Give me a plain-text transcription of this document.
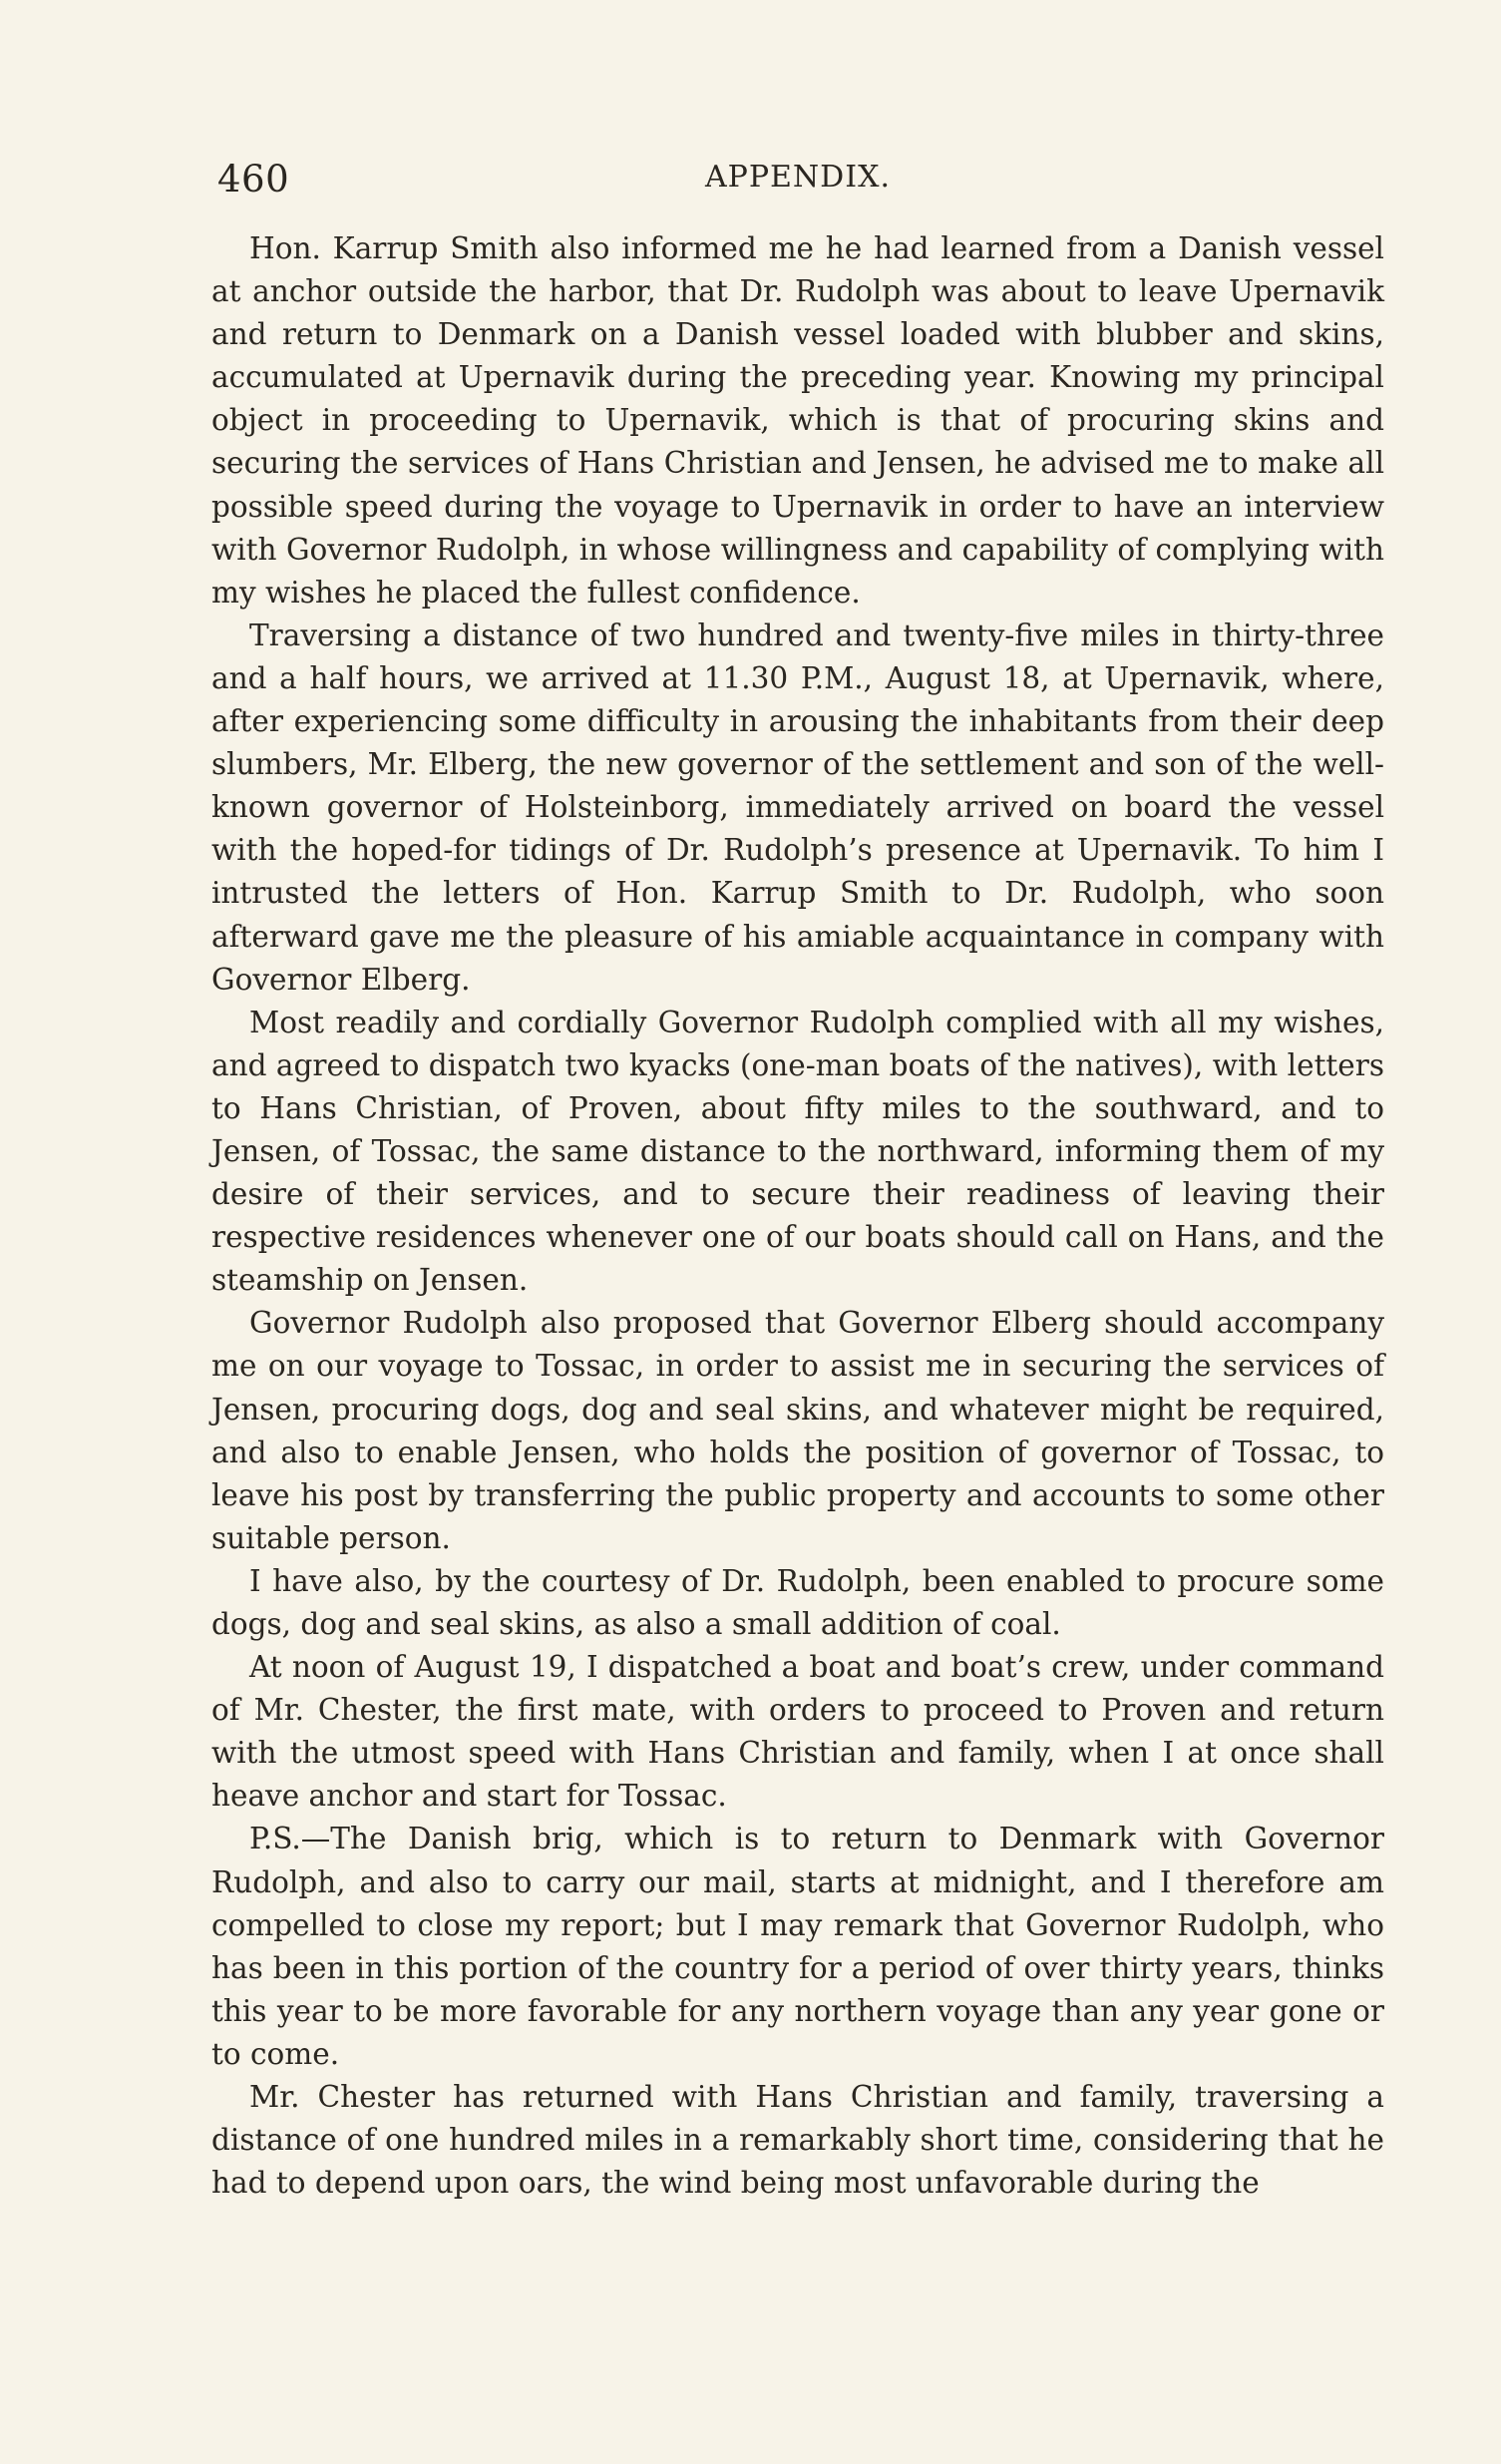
460	APPENDIX.

Hon. Karrup Smith also informed me he had learned from a Danish vessel at anchor outside the harbor, that Dr. Rudolph was about to leave Upernavik and return to Denmark on a Danish vessel loaded with blubber and skins, accumulated at Upernavik during the preceding year. Knowing my principal object in proceeding to Upernavik, which is that of procuring skins and securing the services of Hans Christian and Jensen, he advised me to make all possible speed during the voyage to Upernavik in order to have an interview with Governor Rudolph, in whose willingness and capability of complying with my wishes he placed the fullest confidence.

Traversing a distance of two hundred and twenty-five miles in thirty-three and a half hours, we arrived at 11.30 P.M., August 18, at Upernavik, where, after experiencing some difficulty in arousing the inhabitants from their deep slumbers, Mr. Elberg, the new governor of the settlement and son of the well-known governor of Holsteinborg, immediately arrived on board the vessel with the hoped-for tidings of Dr. Rudolph’s presence at Upernavik. To him I intrusted the letters of Hon. Karrup Smith to Dr. Rudolph, who soon afterward gave me the pleasure of his amiable acquaintance in company with Governor Elberg.

Most readily and cordially Governor Rudolph complied with all my wishes, and agreed to dispatch two kyacks (one-man boats of the natives), with letters to Hans Christian, of Proven, about fifty miles to the southward, and to Jensen, of Tossac, the same distance to the northward, informing them of my desire of their services, and to secure their readiness of leaving their respective residences whenever one of our boats should call on Hans, and the steamship on Jensen.

Governor Rudolph also proposed that Governor Elberg should accompany me on our voyage to Tossac, in order to assist me in securing the services of Jensen, procuring dogs, dog and seal skins, and whatever might be required, and also to enable Jensen, who holds the position of governor of Tossac, to leave his post by transferring the public property and accounts to some other suitable person.

I have also, by the courtesy of Dr. Rudolph, been enabled to procure some dogs, dog and seal skins, as also a small addition of coal.

At noon of August 19, I dispatched a boat and boat’s crew, under command of Mr. Chester, the first mate, with orders to proceed to Proven and return with the utmost speed with Hans Christian and family, when I at once shall heave anchor and start for Tossac.

P.S.—The Danish brig, which is to return to Denmark with Governor Rudolph, and also to carry our mail, starts at midnight, and I therefore am compelled to close my report; but I may remark that Governor Rudolph, who has been in this portion of the country for a period of over thirty years, thinks this year to be more favorable for any northern voyage than any year gone or to come.

Mr. Chester has returned with Hans Christian and family, traversing a distance of one hundred miles in a remarkably short time, considering that he had to depend upon oars, the wind being most unfavorable during the
